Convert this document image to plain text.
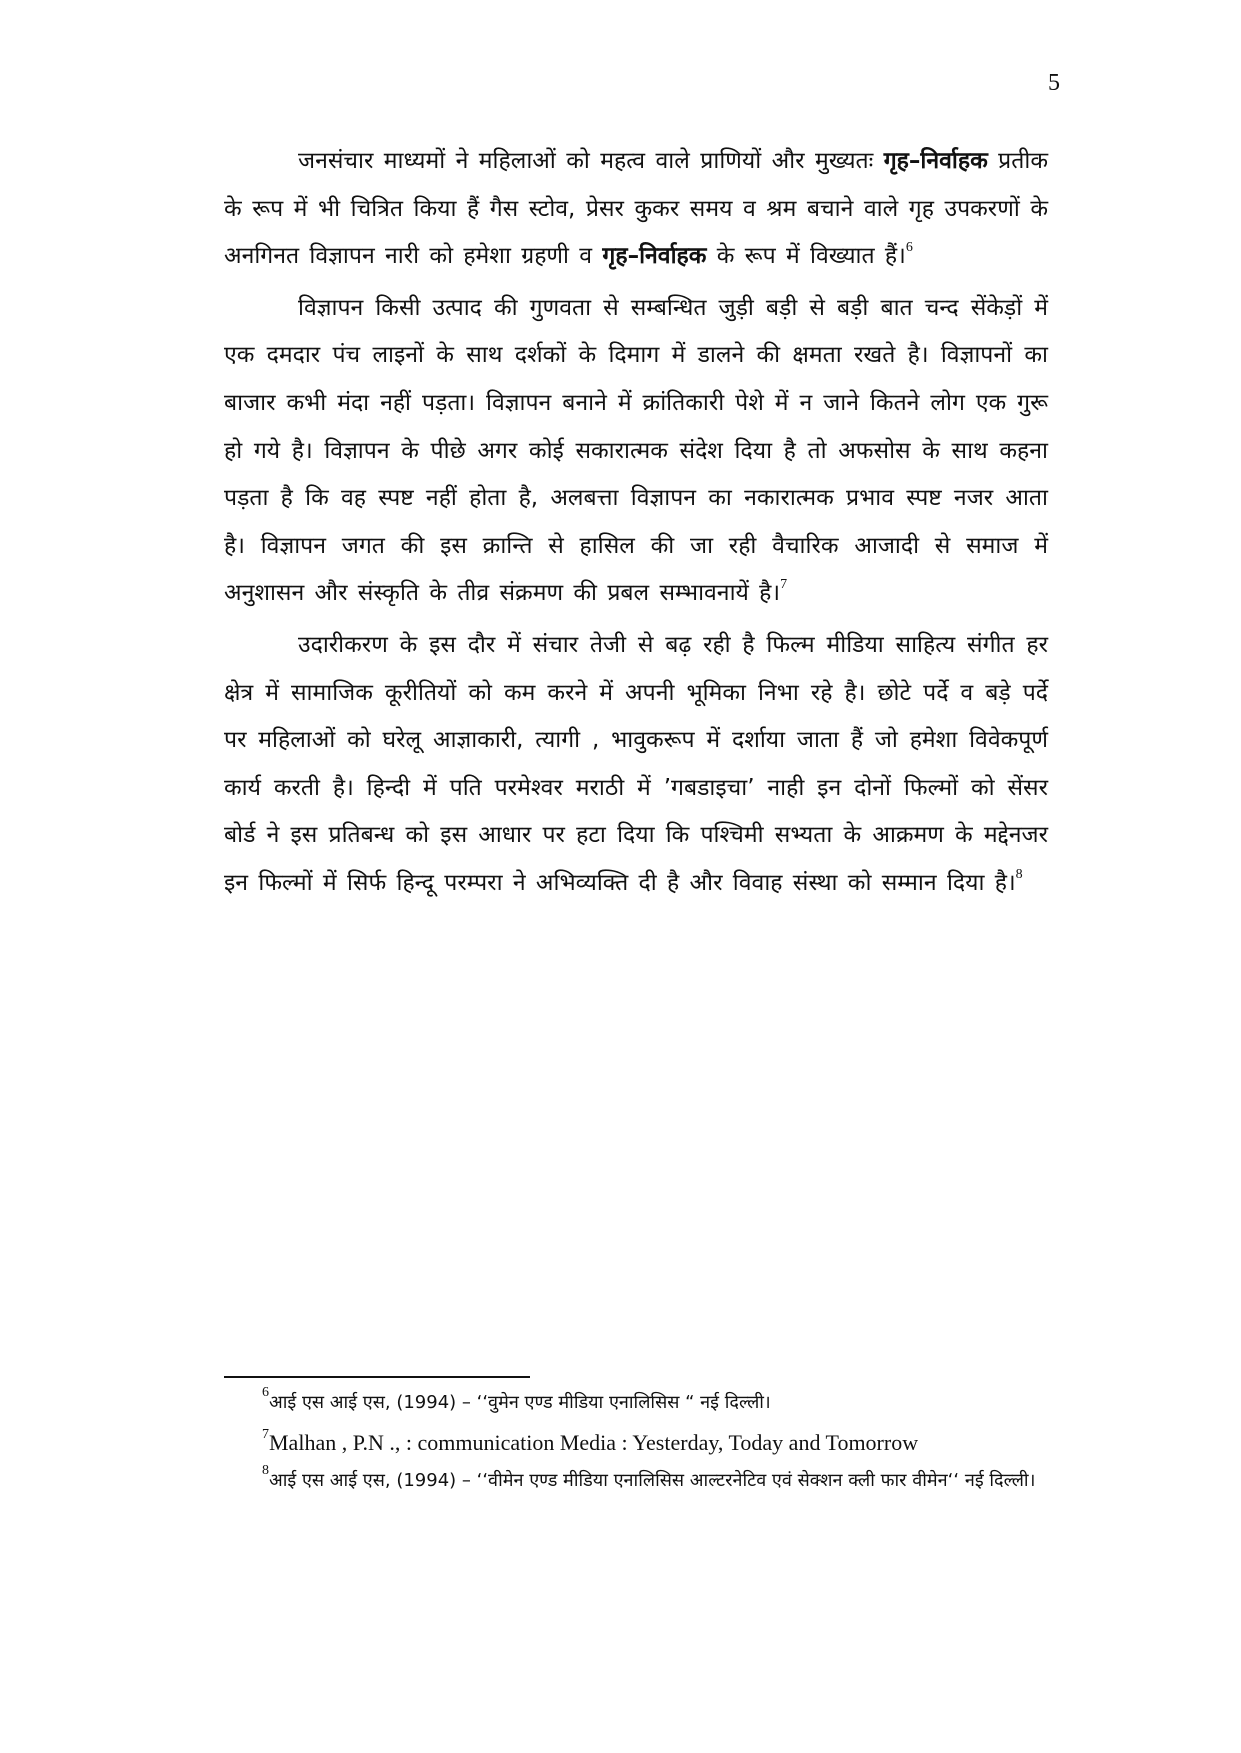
5

जनसंचार माध्यमों ने महिलाओं को महत्व वाले प्राणियों और मुख्यतः गृह–निर्वाहक प्रतीक के रूप में भी चित्रित किया हैं गैस स्टोव, प्रेसर कुकर समय व श्रम बचाने वाले गृह उपकरणों के अनगिनत विज्ञापन नारी को हमेशा ग्रहणी व गृह–निर्वाहक के रूप में विख्यात हैं।$^6$

विज्ञापन किसी उत्पाद की गुणवता से सम्बन्धित जुड़ी बड़ी से बड़ी बात चन्द सेंकेड़ों में एक दमदार पंच लाइनों के साथ दर्शकों के दिमाग में डालने की क्षमता रखते है। विज्ञापनों का बाजार कभी मंदा नहीं पड़ता। विज्ञापन बनाने में क्रांतिकारी पेशे में न जाने कितने लोग एक गुरू हो गये है। विज्ञापन के पीछे अगर कोई सकारात्मक संदेश दिया है तो अफसोस के साथ कहना पड़ता है कि वह स्पष्ट नहीं होता है, अलबत्ता विज्ञापन का नकारात्मक प्रभाव स्पष्ट नजर आता है। विज्ञापन जगत की इस क्रान्ति से हासिल की जा रही वैचारिक आजादी से समाज में अनुशासन और संस्कृति के तीव्र संक्रमण की प्रबल सम्भावनायें है।$^7$

उदारीकरण के इस दौर में संचार तेजी से बढ़ रही है फिल्म मीडिया साहित्य संगीत हर क्षेत्र में सामाजिक कूरीतियों को कम करने में अपनी भूमिका निभा रहे है। छोटे पर्दे व बड़े पर्दे पर महिलाओं को घरेलू आज्ञाकारी, त्यागी , भावुकरूप में दर्शाया जाता हैं जो हमेशा विवेकपूर्ण कार्य करती है। हिन्दी में पति परमेश्वर मराठी में ’गबडाइचा’ नाही इन दोनों फिल्मों को सेंसर बोर्ड ने इस प्रतिबन्ध को इस आधार पर हटा दिया कि पश्चिमी सभ्यता के आक्रमण के मद्देनजर इन फिल्मों में सिर्फ हिन्दू परम्परा ने अभिव्यक्ति दी है और विवाह संस्था को सम्मान दिया है।$^8$

$^6$आई एस आई एस, (1994) – ‘‘वुमेन एण्ड मीडिया एनालिसिस “ नई दिल्ली।

$^7$Malhan , P.N ., : communication Media : Yesterday, Today and Tomorrow

$^8$आई एस आई एस, (1994) – ‘‘वीमेन एण्ड मीडिया एनालिसिस आल्टरनेटिव एवं सेक्शन क्ली फार वीमेन‘‘ नई दिल्ली।
